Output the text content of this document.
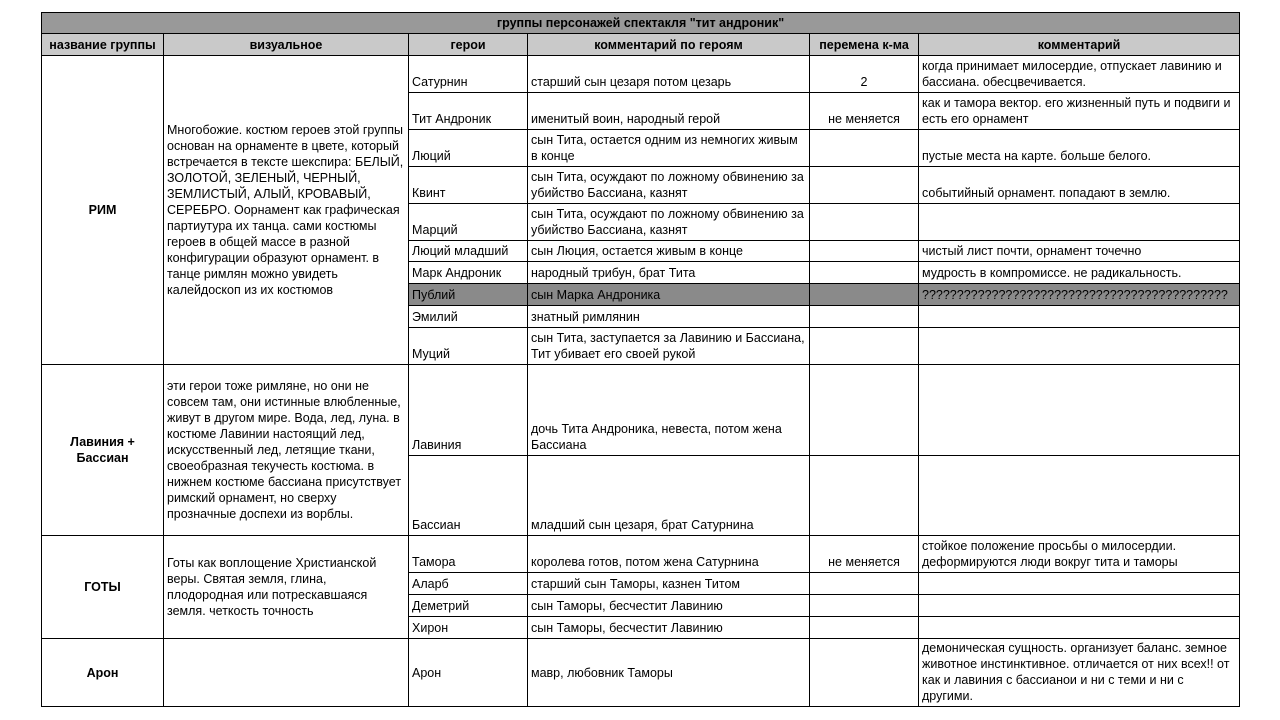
группы персонажей спектакля "тит андроник"					
название группы	визуальное	герои	комментарий по героям	перемена к-ма	комментарий
РИМ	Многобожие. костюм героев этой группы основан на орнаменте в цвете, который встречается в тексте шекспира: БЕЛЫЙ, ЗОЛОТОЙ, ЗЕЛЕНЫЙ, ЧЕРНЫЙ, ЗЕМЛИСТЫЙ, АЛЫЙ, КРОВАВЫЙ, СЕРЕБРО. Оорнамент как графическая партиутура их танца. сами костюмы героев в общей массе в разной конфигурации образуют орнамент. в танце римлян можно увидеть калейдоскоп из их костюмов	Сатурнин	старший сын цезаря потом цезарь	2	когда принимает милосердие, отпускает лавинию и бассиана. обесцвечивается.
		Тит Андроник	именитый воин, народный герой	не меняется	как и тамора вектор. его жизненный путь и подвиги и есть его орнамент
		Люций	сын Тита, остается одним из немногих живым в конце		пустые места на карте. больше белого.
		Квинт	сын Тита, осуждают по ложному обвинению за убийство Бассиана, казнят		событийный орнамент. попадают в землю.
		Марций	сын Тита, осуждают по ложному обвинению за убийство Бассиана, казнят		
		Люций младший	сын Люция, остается живым в конце		чистый лист почти, орнамент точечно
		Марк Андроник	народный трибун, брат Тита		мудрость в компромиссе. не радикальность.
		Публий	сын Марка Андроника		????????????????????????????????????????????
		Эмилий	знатный римлянин		
		Муций	сын Тита, заступается за Лавинию и Бассиана, Тит убивает его своей рукой		
Лавиния + Бассиан	эти герои тоже римляне, но они не совсем там, они истинные влюбленные, живут в другом мире. Вода, лед, луна. в костюме Лавинии настоящий лед, искусственный лед, летящие ткани, своеобразная текучесть костюма. в нижнем костюме бассиана присутствует римский орнамент, но сверху прозначные доспехи из ворблы.	Лавиния	дочь Тита Андроника, невеста, потом жена Бассиана		
		Бассиан	младший сын цезаря, брат Сатурнина		
ГОТЫ	Готы как воплощение Христианской веры. Святая земля, глина, плодородная или потрескавшаяся земля. четкость точность	Тамора	королева готов, потом жена Сатурнина	не меняется	стойкое положение просьбы о милосердии. деформируются люди вокруг тита и таморы
		Аларб	старший сын Таморы, казнен Титом		
		Деметрий	сын Таморы, бесчестит Лавинию		
		Хирон	сын Таморы, бесчестит Лавинию		
Арон		Арон	мавр, любовник Таморы		демоническая сущность. организует баланс. земное животное инстинктивное. отличается от них всех!! от как и лавиния с бассианои и ни с теми и ни с другими.
